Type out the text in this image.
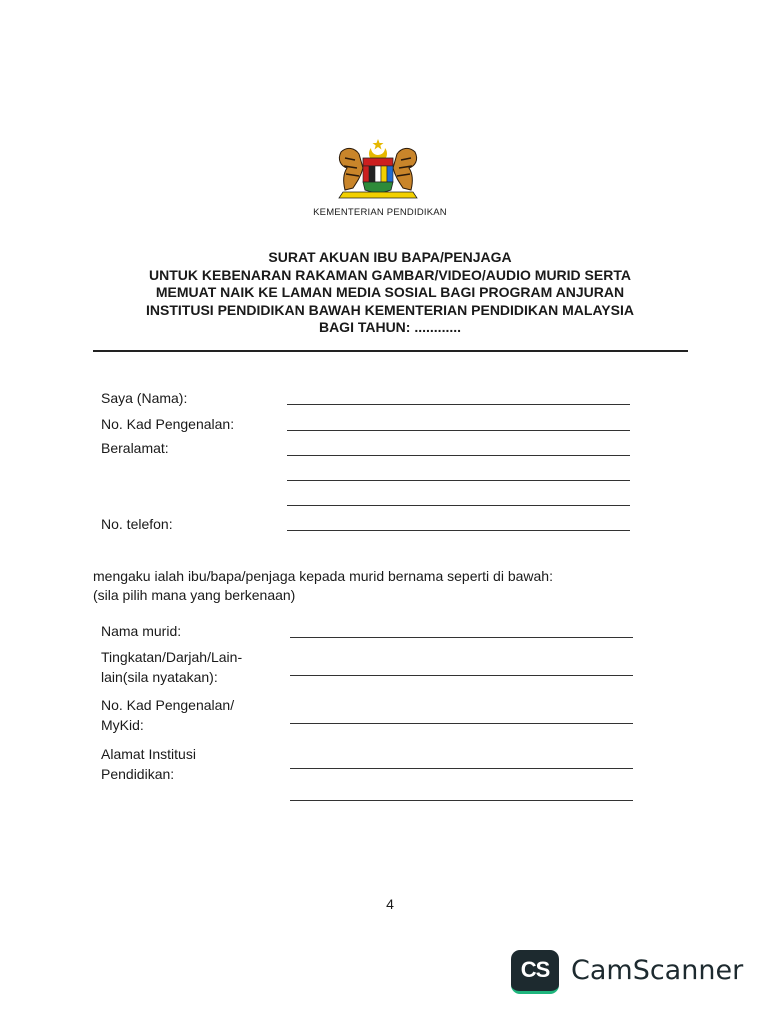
KEMENTERIAN PENDIDIKAN
SURAT AKUAN IBU BAPA/PENJAGA
UNTUK KEBENARAN RAKAMAN GAMBAR/VIDEO/AUDIO MURID SERTA
MEMUAT NAIK KE LAMAN MEDIA SOSIAL BAGI PROGRAM ANJURAN
INSTITUSI PENDIDIKAN BAWAH KEMENTERIAN PENDIDIKAN MALAYSIA
BAGI TAHUN: ............
Saya (Nama):
No. Kad Pengenalan:
Beralamat:
No. telefon:
mengaku ialah ibu/bapa/penjaga kepada murid bernama seperti di bawah:
(sila pilih mana yang berkenaan)
Nama murid:
Tingkatan/Darjah/Lain-
lain(sila nyatakan):
No. Kad Pengenalan/
MyKid:
Alamat Institusi
Pendidikan:
4
CS CamScanner
